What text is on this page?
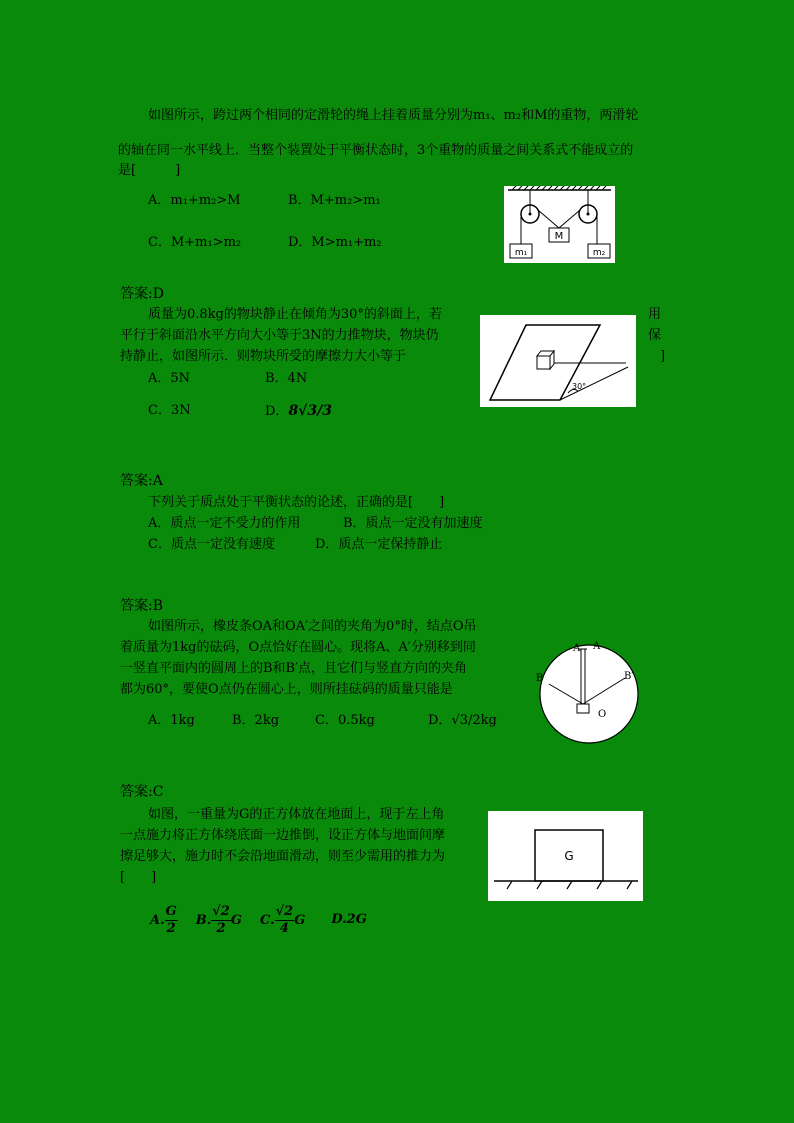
如图所示，跨过两个相同的定滑轮的绳上挂着质量分别为m₁、m₂和M的重物，两滑轮
的轴在同一水平线上．当整个装置处于平衡状态时，3个重物的质量之间关系式不能成立的
是[　　　]
A．m₁+m₂>M	B．M+m₂>m₁
C．M+m₁>m₂	D．M>m₁+m₂	M
m₁	m₂
答案:D
质量为0.8kg的物块静止在倾角为30°的斜面上，若	用
平行于斜面沿水平方向大小等于3N的力推物块，物块仍	保
持静止，如图所示．则物块所受的摩擦力大小等于	]
A．5N	B．4N
C．3N	D．8√3/3
30°
答案:A
下列关于质点处于平衡状态的论述，正确的是[　　]
A．质点一定不受力的作用	B．质点一定没有加速度
C．质点一定没有速度	D．质点一定保持静止
答案:B
如图所示，橡皮条OA和OA′之间的夹角为0°时，结点O吊
着质量为1kg的砝码，O点恰好在圆心。现将A、A′分别移到同
一竖直平面内的圆周上的B和B′点，且它们与竖直方向的夹角
都为60°，要使O点仍在圆心上，则所挂砝码的质量只能是
A．1kg	B．2kg	C．0.5kg	D．√3/2kg
A A
B	B′
O
答案:C
如图，一重量为G的正方体放在地面上，现于左上角
一点施力将正方体绕底面一边推倒，设正方体与地面间摩
擦足够大，施力时不会沿地面滑动，则至少需用的推力为
[　　]
A. $\frac{G}{2} B$. $\frac{√2}{2}$ G C. $\frac{√2}{4}$ G D.2G
G
